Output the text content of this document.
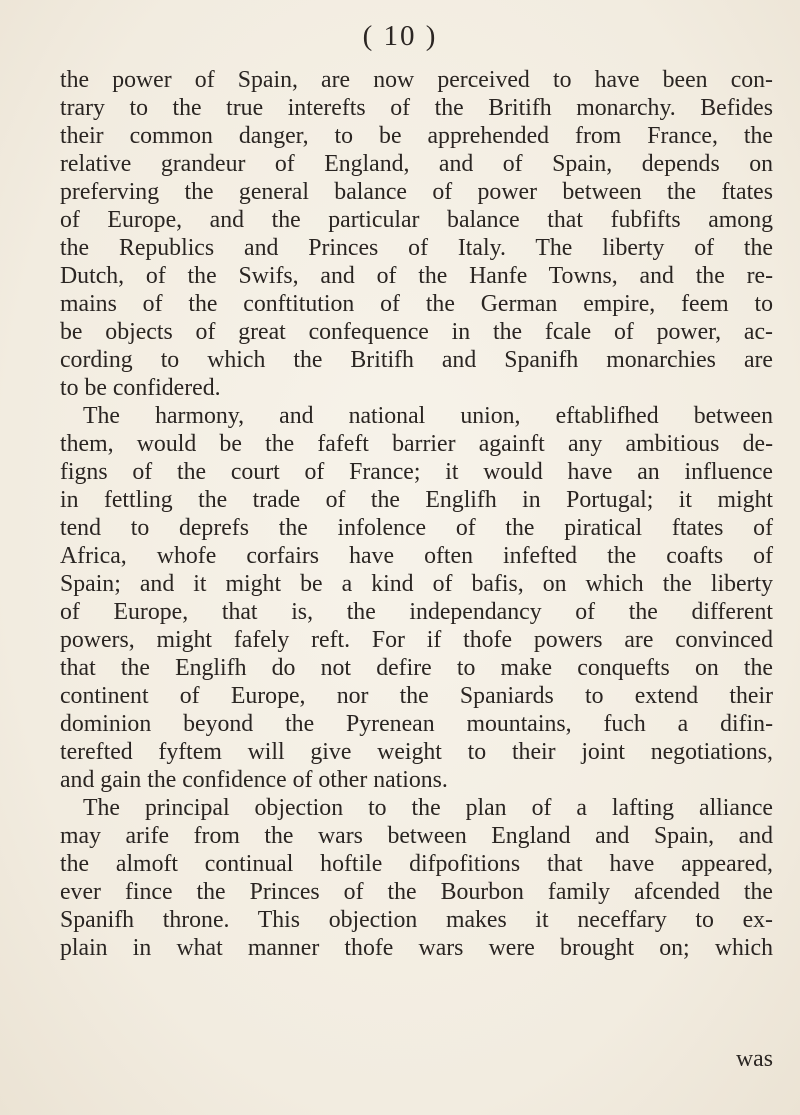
( 10 )
the power of Spain, are now perceived to have been con-
trary to the true interefts of the Britifh monarchy. Befides
their common danger, to be apprehended from France, the
relative grandeur of England, and of Spain, depends on
preferving the general balance of power between the ftates
of Europe, and the particular balance that fubfifts among
the Republics and Princes of Italy. The liberty of the
Dutch, of the Swifs, and of the Hanfe Towns, and the re-
mains of the conftitution of the German empire, feem to
be objects of great confequence in the fcale of power, ac-
cording to which the Britifh and Spanifh monarchies are
to be confidered.
The harmony, and national union, eftablifhed between
them, would be the fafeft barrier againft any ambitious de-
figns of the court of France; it would have an influence
in fettling the trade of the Englifh in Portugal; it might
tend to deprefs the infolence of the piratical ftates of
Africa, whofe corfairs have often infefted the coafts of
Spain; and it might be a kind of bafis, on which the liberty
of Europe, that is, the independancy of the different
powers, might fafely reft. For if thofe powers are convinced
that the Englifh do not defire to make conquefts on the
continent of Europe, nor the Spaniards to extend their
dominion beyond the Pyrenean mountains, fuch a difin-
terefted fyftem will give weight to their joint negotiations,
and gain the confidence of other nations.
The principal objection to the plan of a lafting alliance
may arife from the wars between England and Spain, and
the almoft continual hoftile difpofitions that have appeared,
ever fince the Princes of the Bourbon family afcended the
Spanifh throne. This objection makes it neceffary to ex-
plain in what manner thofe wars were brought on; which
was
